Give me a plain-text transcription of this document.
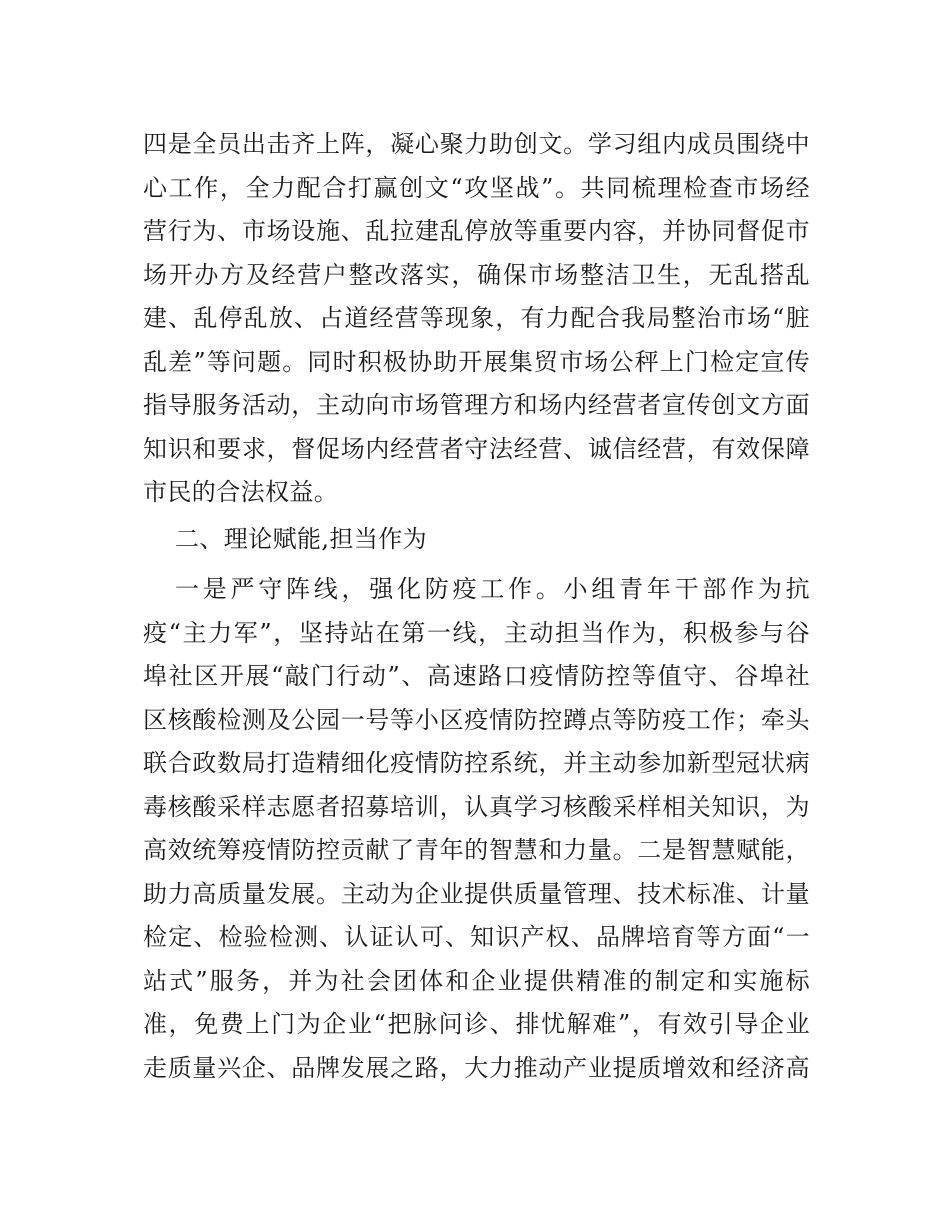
四是全员出击齐上阵，凝心聚力助创文。学习组内成员围绕中
心工作，全力配合打赢创文“攻坚战”。共同梳理检查市场经
营行为、市场设施、乱拉建乱停放等重要内容，并协同督促市
场开办方及经营户整改落实，确保市场整洁卫生，无乱搭乱
建、乱停乱放、占道经营等现象，有力配合我局整治市场“脏
乱差”等问题。同时积极协助开展集贸市场公秤上门检定宣传
指导服务活动，主动向市场管理方和场内经营者宣传创文方面
知识和要求，督促场内经营者守法经营、诚信经营，有效保障
市民的合法权益。
二、理论赋能,担当作为
一是严守阵线，强化防疫工作。小组青年干部作为抗
疫“主力军”，坚持站在第一线，主动担当作为，积极参与谷
埠社区开展“敲门行动”、高速路口疫情防控等值守、谷埠社
区核酸检测及公园一号等小区疫情防控蹲点等防疫工作；牵头
联合政数局打造精细化疫情防控系统，并主动参加新型冠状病
毒核酸采样志愿者招募培训，认真学习核酸采样相关知识，为
高效统筹疫情防控贡献了青年的智慧和力量。二是智慧赋能，
助力高质量发展。主动为企业提供质量管理、技术标准、计量
检定、检验检测、认证认可、知识产权、品牌培育等方面“一
站式”服务，并为社会团体和企业提供精准的制定和实施标
准，免费上门为企业“把脉问诊、排忧解难”，有效引导企业
走质量兴企、品牌发展之路，大力推动产业提质增效和经济高
